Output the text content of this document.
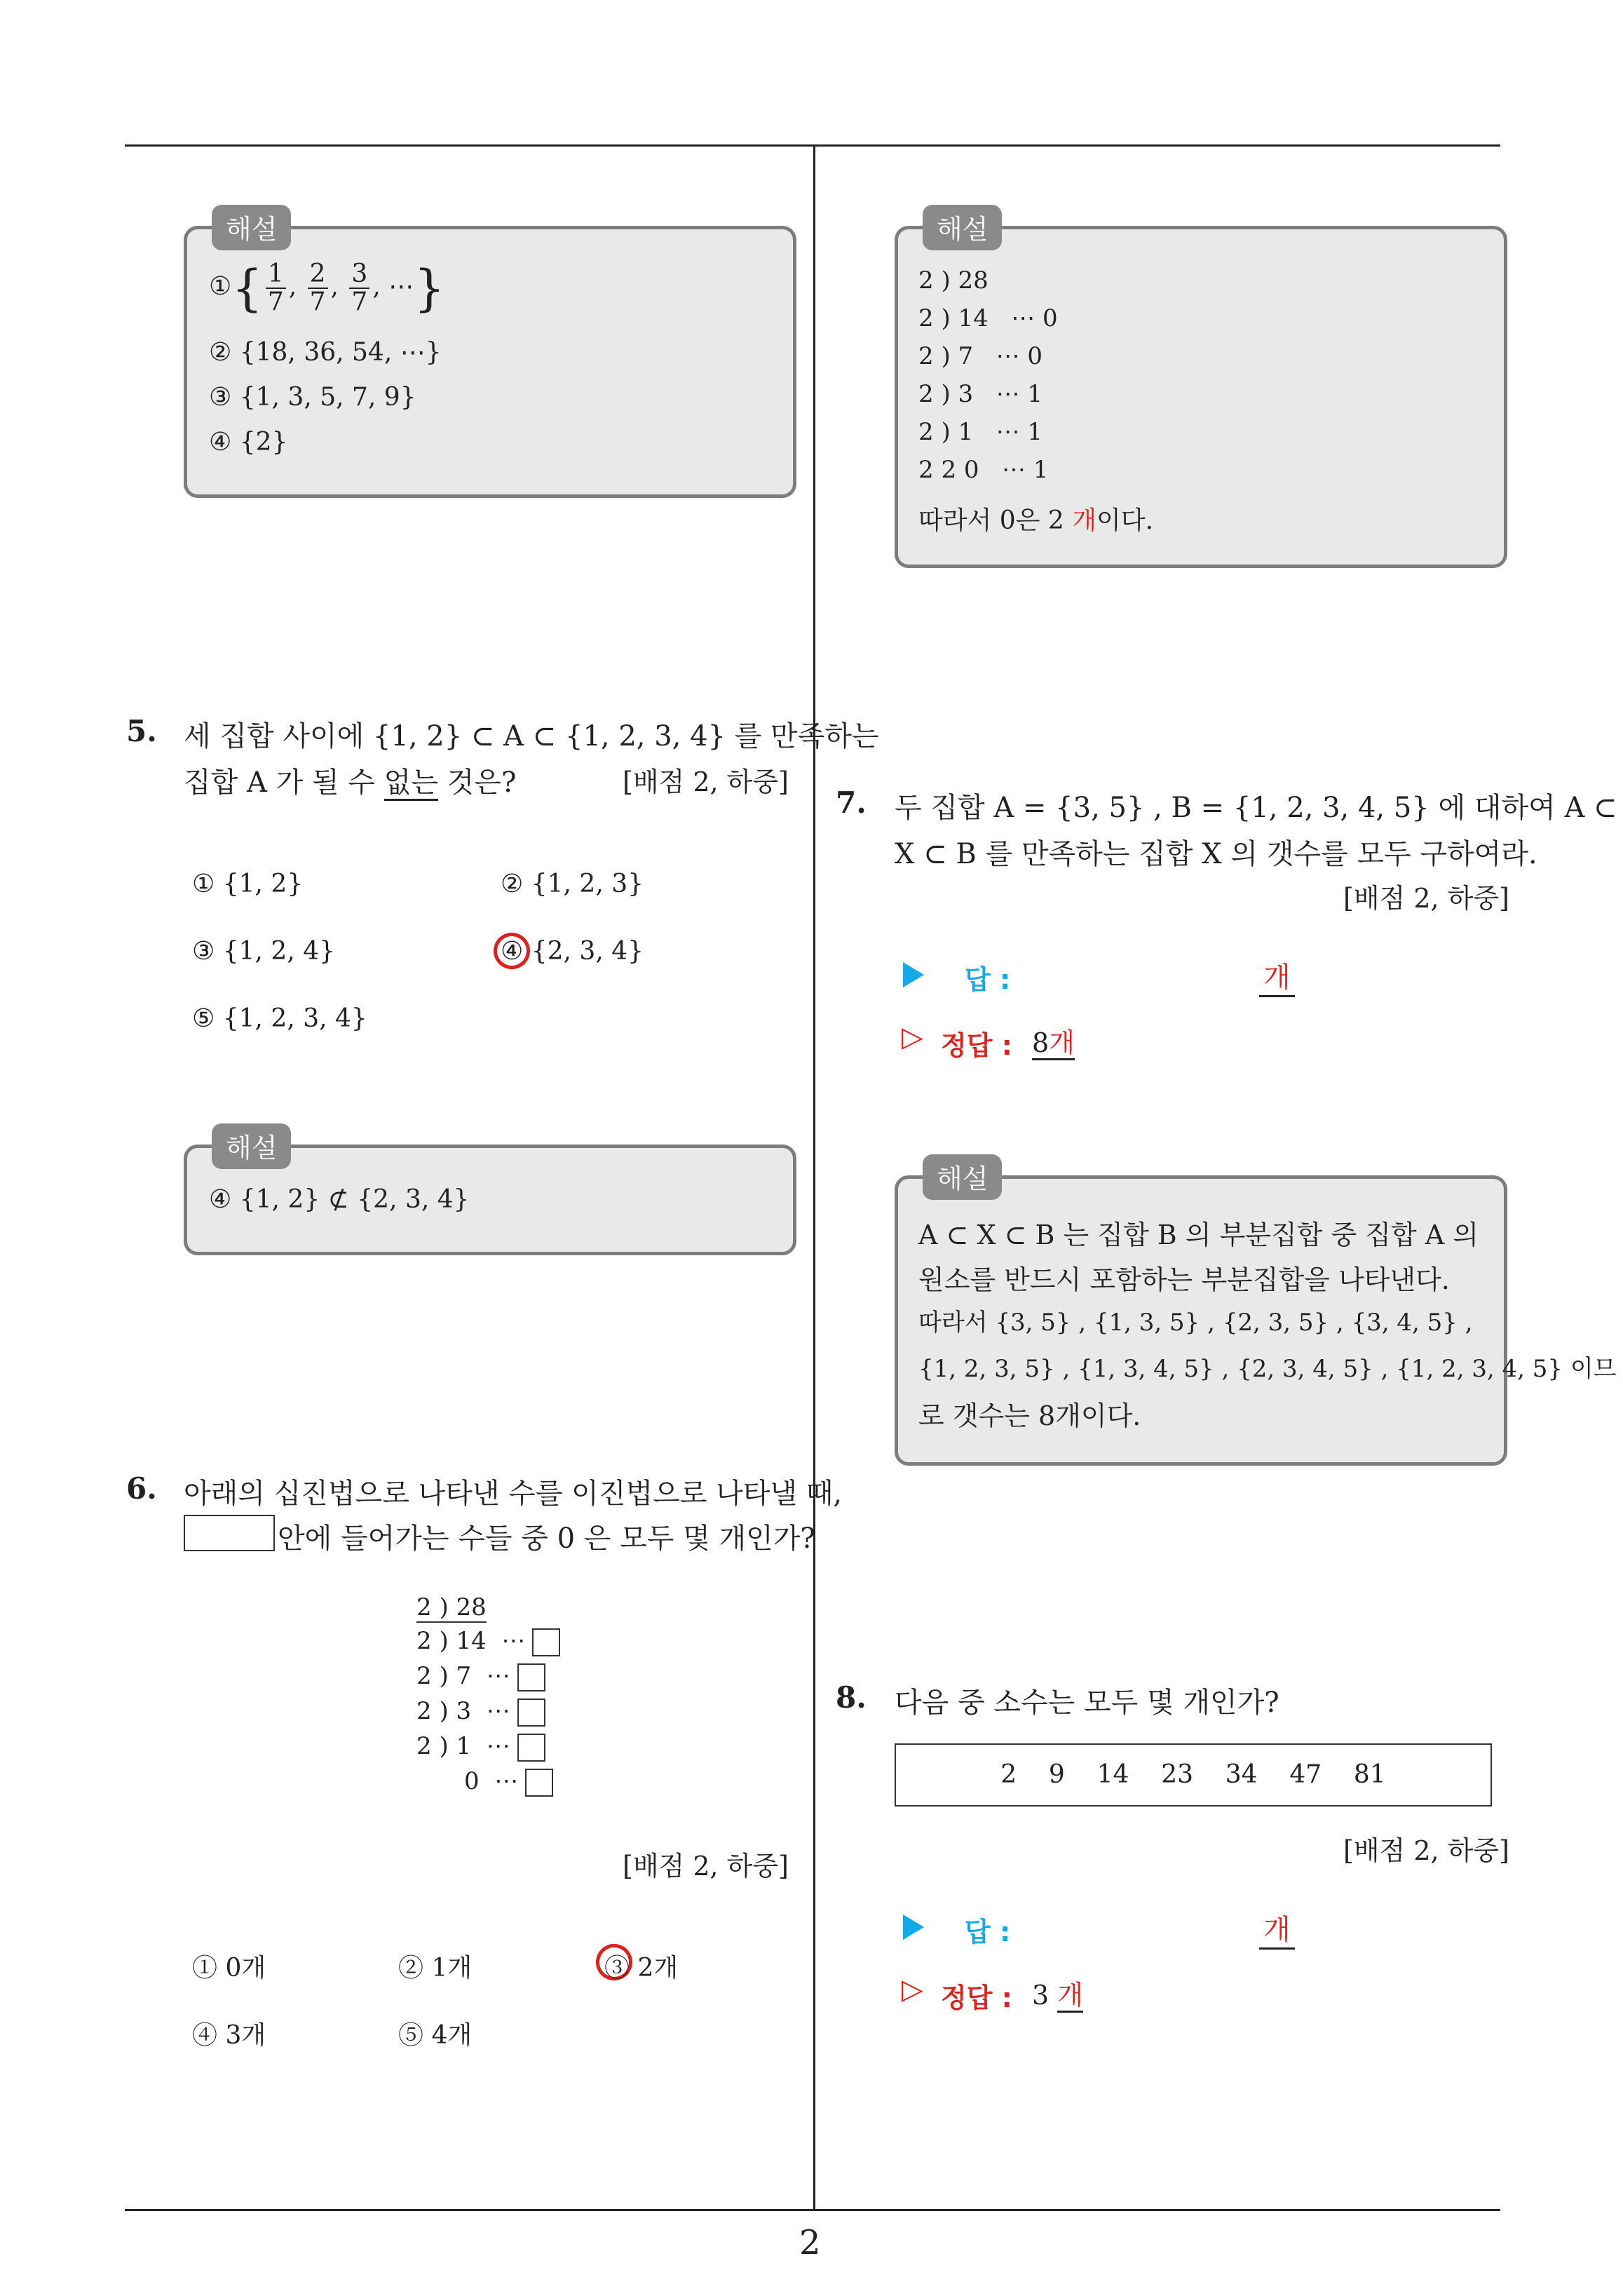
2
해설
①{ $\frac{1}{7}$ , $\frac{2}{7}$ , $\frac{3}{7}$ , ⋯}
② {18, 36, 54, ⋯}
③ {1, 3, 5, 7, 9}
④ {2}
5. 세 집합 사이에 {1, 2} ⊂ A ⊂ {1, 2, 3, 4} 를 만족하는
집합 A 가 될 수 없는 것은?	[배점 2, 하중]
① {1, 2}	② {1, 2, 3}
③ {1, 2, 4}	④ {2, 3, 4}
⑤ {1, 2, 3, 4}
해설
④ {1, 2} ⊄ {2, 3, 4}
6. 아래의 십진법으로 나타낸 수를 이진법으로 나타낼 때,
안에 들어가는 수들 중 0 은 모두 몇 개인가?
2 ) 28
2 ) 14 ⋯
2 ) 7 ⋯
2 ) 3 ⋯
2 ) 1 ⋯
0 ⋯
[배점 2, 하중]
① 0개	② 1개	③ 2개
④ 3개	⑤ 4개
해설
2 ) 28
2 ) 14 ⋯ 0
2 ) 7 ⋯ 0
2 ) 3 ⋯ 1
2 ) 1 ⋯ 1
2 2 0 ⋯ 1
따라서 0은 2 개이다.
7. 두 집합 A = {3, 5} , B = {1, 2, 3, 4, 5} 에 대하여 A ⊂
X ⊂ B 를 만족하는 집합 X 의 갯수를 모두 구하여라.
[배점 2, 하중]
답 :	개
▷ 정답 : 8개
해설
A ⊂ X ⊂ B 는 집합 B 의 부분집합 중 집합 A 의
원소를 반드시 포함하는 부분집합을 나타낸다.
따라서 {3, 5} , {1, 3, 5} , {2, 3, 5} , {3, 4, 5} ,
{1, 2, 3, 5} , {1, 3, 4, 5} , {2, 3, 4, 5} , {1, 2, 3, 4, 5} 이므
로 갯수는 8개이다.
8. 다음 중 소수는 모두 몇 개인가?
2    9    14    23    34    47    81
[배점 2, 하중]
답 :	개
▷ 정답 : 3 개
